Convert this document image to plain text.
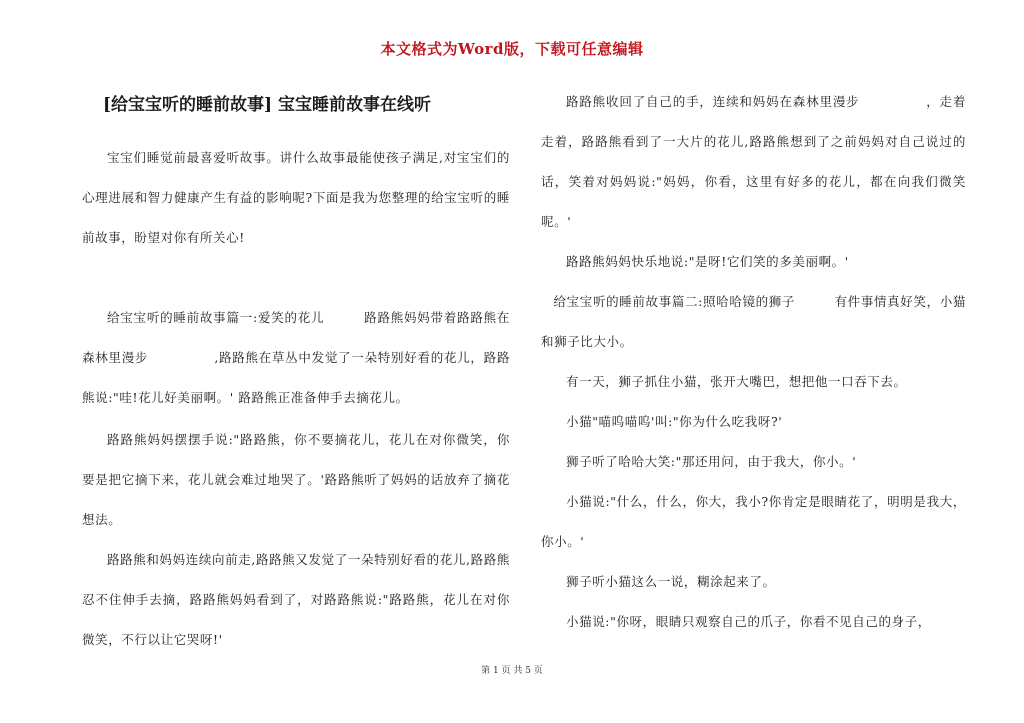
本文格式为Word版，下载可任意编辑
[给宝宝听的睡前故事] 宝宝睡前故事在线听

宝宝们睡觉前最喜爱听故事。讲什么故事最能使孩子满足,对宝宝们的心理进展和智力健康产生有益的影响呢?下面是我为您整理的给宝宝听的睡前故事，盼望对你有所关心!

给宝宝听的睡前故事篇一:爱笑的花儿　　　路路熊妈妈带着路路熊在森林里漫步　　　　　,路路熊在草丛中发觉了一朵特别好看的花儿，路路熊说:"哇!花儿好美丽啊。' 路路熊正准备伸手去摘花儿。

路路熊妈妈摆摆手说:"路路熊，你不要摘花儿，花儿在对你微笑，你要是把它摘下来，花儿就会难过地哭了。'路路熊听了妈妈的话放弃了摘花想法。

路路熊和妈妈连续向前走,路路熊又发觉了一朵特别好看的花儿,路路熊忍不住伸手去摘，路路熊妈妈看到了，对路路熊说:"路路熊，花儿在对你微笑，不行以让它哭呀!'

路路熊收回了自己的手，连续和妈妈在森林里漫步　　　　　，走着走着，路路熊看到了一大片的花儿,路路熊想到了之前妈妈对自己说过的话，笑着对妈妈说:"妈妈，你看，这里有好多的花儿，都在向我们微笑呢。'

路路熊妈妈快乐地说:"是呀!它们笑的多美丽啊。'

给宝宝听的睡前故事篇二:照哈哈镜的狮子　　　有件事情真好笑，小猫和狮子比大小。

有一天，狮子抓住小猫，张开大嘴巴，想把他一口吞下去。

小猫"喵呜喵呜'叫:"你为什么吃我呀?'

狮子听了哈哈大笑:"那还用问，由于我大，你小。'

小猫说:"什么，什么，你大，我小?你肯定是眼睛花了，明明是我大，你小。'

狮子听小猫这么一说，糊涂起来了。

小猫说:"你呀，眼睛只观察自己的爪子，你看不见自己的身子，

第 1 页 共 5 页
